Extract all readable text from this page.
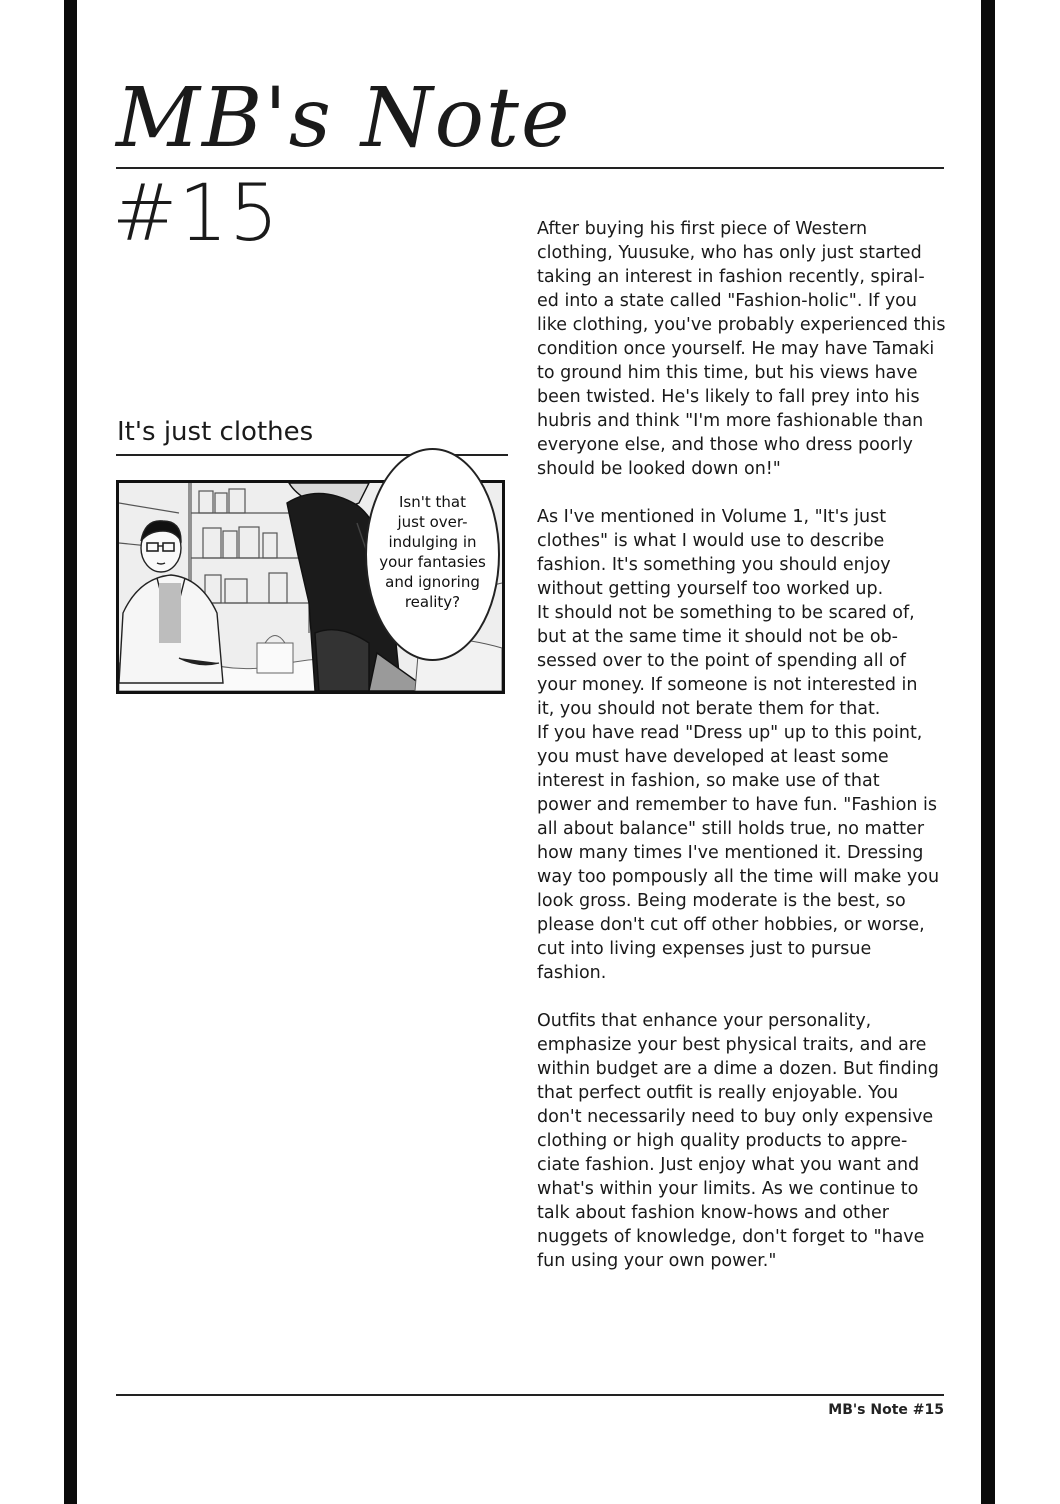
MB's Note
#15
It's just clothes
Isn't that
just over-
indulging in
your fantasies
and ignoring
reality?

After buying his first piece of Western
clothing, Yuusuke, who has only just started
taking an interest in fashion recently, spiral-
ed into a state called "Fashion-holic". If you
like clothing, you've probably experienced this
condition once yourself. He may have Tamaki
to ground him this time, but his views have
been twisted. He's likely to fall prey into his
hubris and think "I'm more fashionable than
everyone else, and those who dress poorly
should be looked down on!"

As I've mentioned in Volume 1, "It's just
clothes" is what I would use to describe
fashion. It's something you should enjoy
without getting yourself too worked up.
It should not be something to be scared of,
but at the same time it should not be ob-
sessed over to the point of spending all of
your money. If someone is not interested in
it, you should not berate them for that.
If you have read "Dress up" up to this point,
you must have developed at least some
interest in fashion, so make use of that
power and remember to have fun. "Fashion is
all about balance" still holds true, no matter
how many times I've mentioned it. Dressing
way too pompously all the time will make you
look gross. Being moderate is the best, so
please don't cut off other hobbies, or worse,
cut into living expenses just to pursue
fashion.

Outfits that enhance your personality,
emphasize your best physical traits, and are
within budget are a dime a dozen. But finding
that perfect outfit is really enjoyable. You
don't necessarily need to buy only expensive
clothing or high quality products to appre-
ciate fashion. Just enjoy what you want and
what's within your limits. As we continue to
talk about fashion know-hows and other
nuggets of knowledge, don't forget to "have
fun using your own power."

MB's Note #15
